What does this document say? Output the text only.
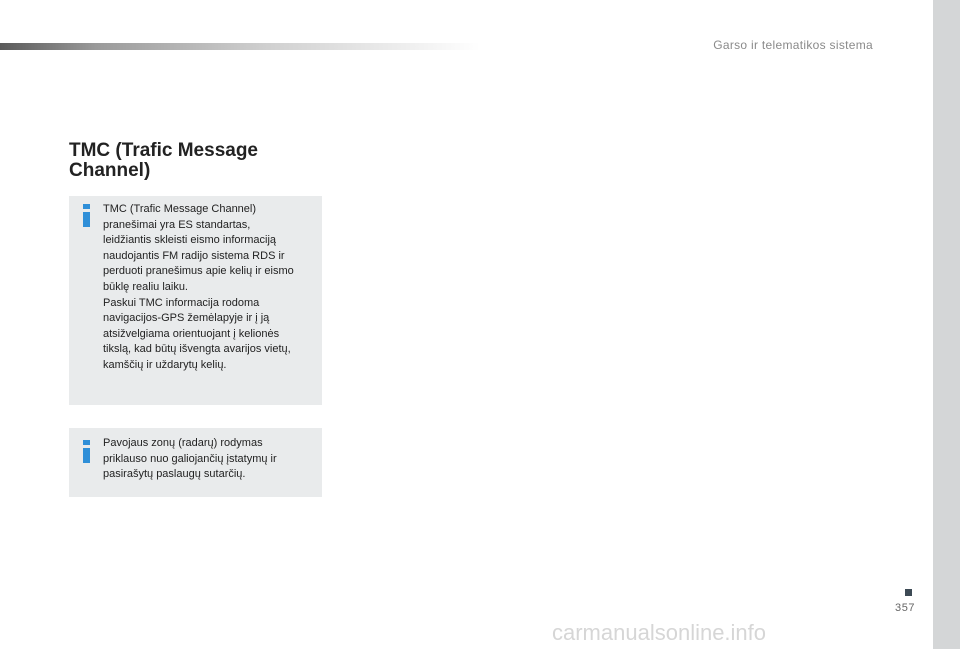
Garso ir telematikos sistema
TMC (Trafic Message
Channel)

TMC (Trafic Message Channel)
pranešimai yra ES standartas,
leidžiantis skleisti eismo informaciją
naudojantis FM radijo sistema RDS ir
perduoti pranešimus apie kelių ir eismo
būklę realiu laiku.

Paskui TMC informacija rodoma
navigacijos-GPS žemėlapyje ir į ją
atsižvelgiama orientuojant į kelionės
tikslą, kad būtų išvengta avarijos vietų,
kamščių ir uždarytų kelių.

Pavojaus zonų (radarų) rodymas
priklauso nuo galiojančių įstatymų ir
pasirašytų paslaugų sutarčių.

357
carmanualsonline.info
